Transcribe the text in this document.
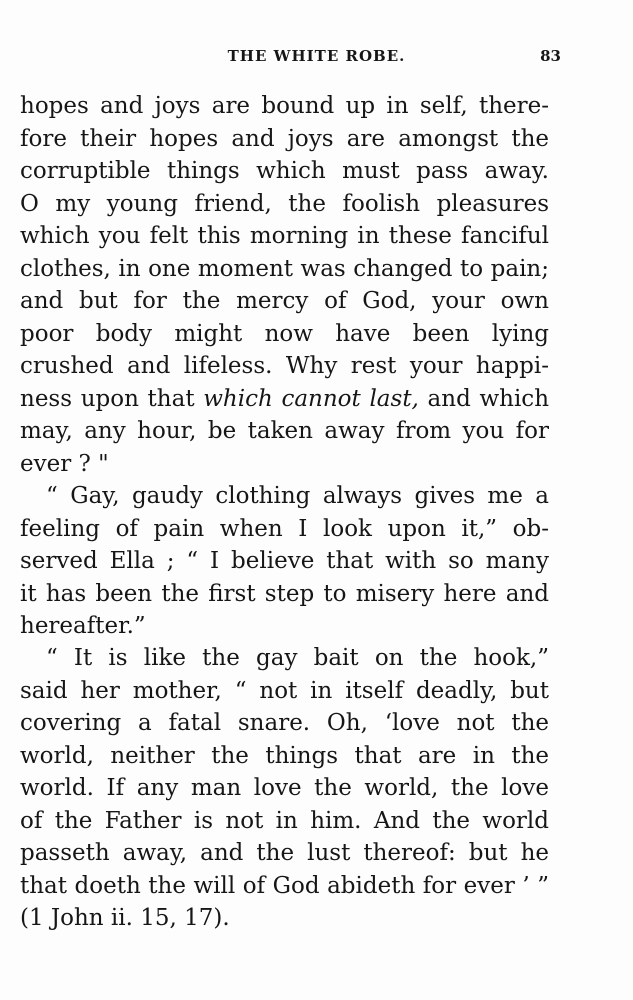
THE WHITE ROBE.	83
hopes and joys are bound up in self, there-
fore their hopes and joys are amongst the
corruptible things which must pass away.
O my young friend, the foolish pleasures
which you felt this morning in these fanciful
clothes, in one moment was changed to pain;
and but for the mercy of God, your own
poor body might now have been lying
crushed and lifeless. Why rest your happi-
ness upon that which cannot last, and which
may, any hour, be taken away from you for
ever ? "
“ Gay, gaudy clothing always gives me a
feeling of pain when I look upon it,” ob-
served Ella ; “ I believe that with so many
it has been the first step to misery here and
hereafter.”
“ It is like the gay bait on the hook,”
said her mother, “ not in itself deadly, but
covering a fatal snare. Oh, ‘love not the
world, neither the things that are in the
world. If any man love the world, the love
of the Father is not in him. And the world
passeth away, and the lust thereof: but he
that doeth the will of God abideth for ever ’ ”
(1 John ii. 15, 17).
